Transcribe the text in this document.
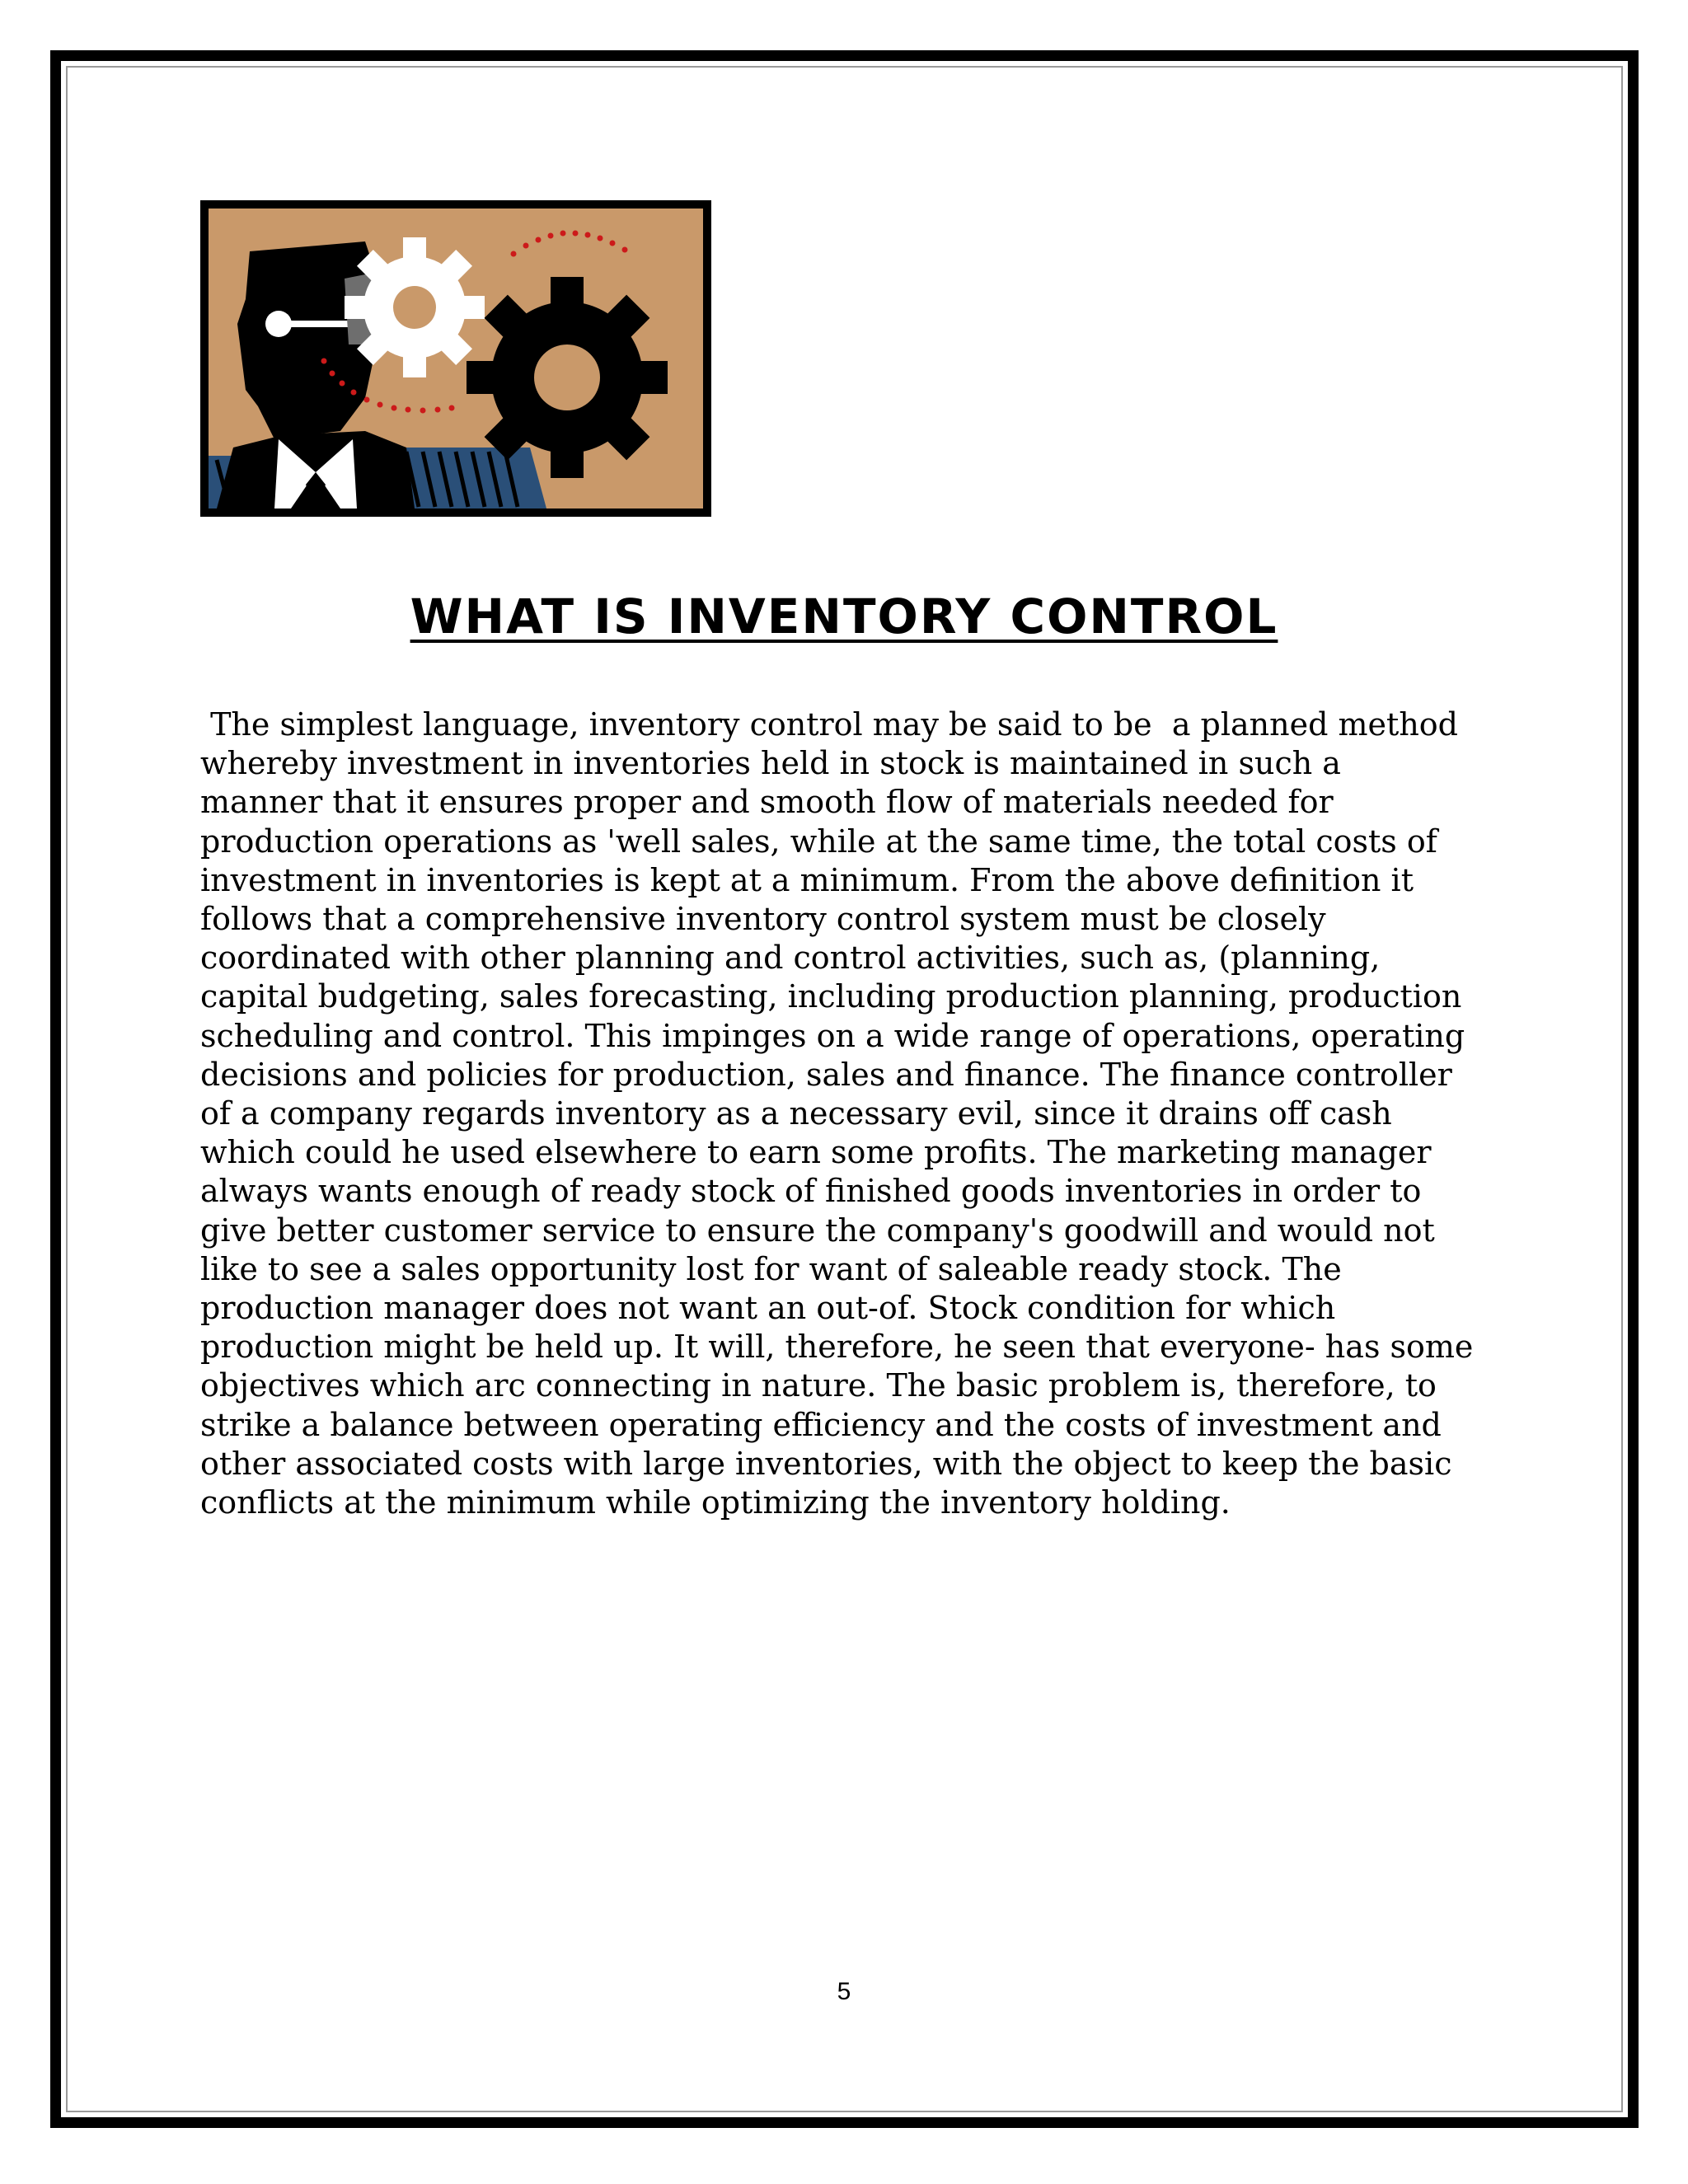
WHAT IS INVENTORY CONTROL
The simplest language, inventory control may be said to be  a planned method
whereby investment in inventories held in stock is maintained in such a
manner that it ensures proper and smooth flow of materials needed for
production operations as 'well sales, while at the same time, the total costs of
investment in inventories is kept at a minimum. From the above definition it
follows that a comprehensive inventory control system must be closely
coordinated with other planning and control activities, such as, (planning,
capital budgeting, sales forecasting, including production planning, production
scheduling and control. This impinges on a wide range of operations, operating
decisions and policies for production, sales and finance. The finance controller
of a company regards inventory as a necessary evil, since it drains off cash
which could he used elsewhere to earn some profits. The marketing manager
always wants enough of ready stock of finished goods inventories in order to
give better customer service to ensure the company's goodwill and would not
like to see a sales opportunity lost for want of saleable ready stock. The
production manager does not want an out-of. Stock condition for which
production might be held up. It will, therefore, he seen that everyone- has some
objectives which arc connecting in nature. The basic problem is, therefore, to
strike a balance between operating efficiency and the costs of investment and
other associated costs with large inventories, with the object to keep the basic
conflicts at the minimum while optimizing the inventory holding.
5
